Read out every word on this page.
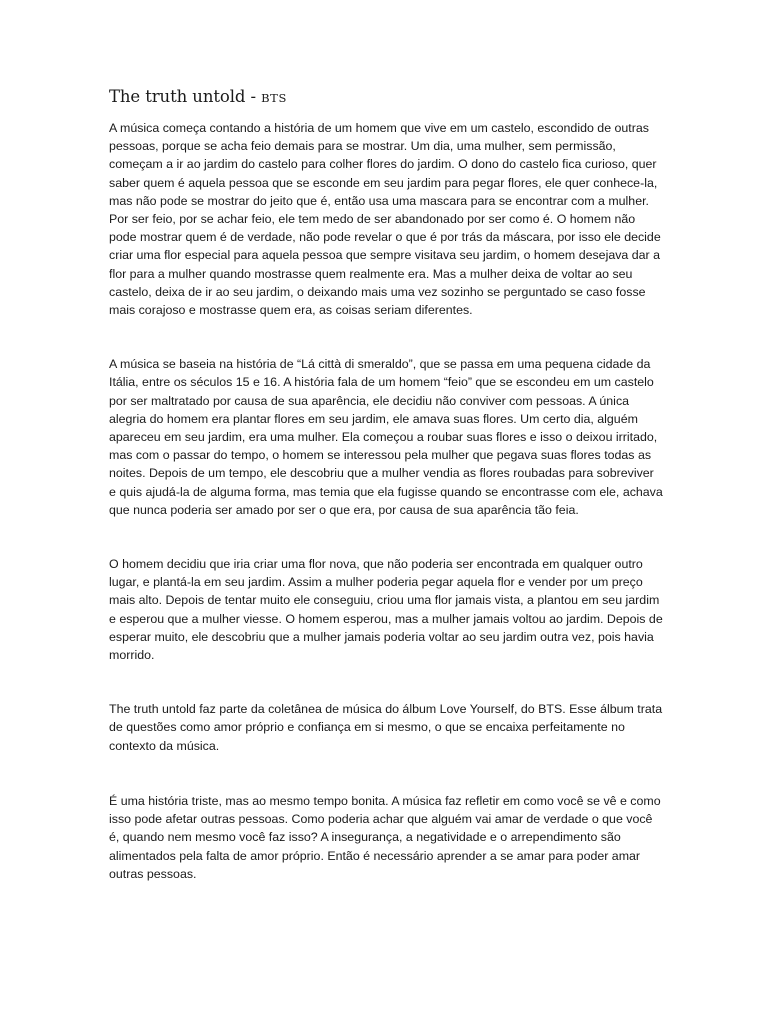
The truth untold - BTS

A música começa contando a história de um homem que vive em um castelo, escondido de outras pessoas, porque se acha feio demais para se mostrar. Um dia, uma mulher, sem permissão, começam a ir ao jardim do castelo para colher flores do jardim. O dono do castelo fica curioso, quer saber quem é aquela pessoa que se esconde em seu jardim para pegar flores, ele quer conhece-la, mas não pode se mostrar do jeito que é, então usa uma mascara para se encontrar com a mulher. Por ser feio, por se achar feio, ele tem medo de ser abandonado por ser como é. O homem não pode mostrar quem é de verdade, não pode revelar o que é por trás da máscara, por isso ele decide criar uma flor especial para aquela pessoa que sempre visitava seu jardim, o homem desejava dar a flor para a mulher quando mostrasse quem realmente era. Mas a mulher deixa de voltar ao seu castelo, deixa de ir ao seu jardim, o deixando mais uma vez sozinho se perguntado se caso fosse mais corajoso e mostrasse quem era, as coisas seriam diferentes.

A música se baseia na história de “Lá città di smeraldo”, que se passa em uma pequena cidade da Itália, entre os séculos 15 e 16. A história fala de um homem “feio” que se escondeu em um castelo por ser maltratado por causa de sua aparência, ele decidiu não conviver com pessoas. A única alegria do homem era plantar flores em seu jardim, ele amava suas flores. Um certo dia, alguém apareceu em seu jardim, era uma mulher. Ela começou a roubar suas flores e isso o deixou irritado, mas com o passar do tempo, o homem se interessou pela mulher que pegava suas flores todas as noites. Depois de um tempo, ele descobriu que a mulher vendia as flores roubadas para sobreviver e quis ajudá-la de alguma forma, mas temia que ela fugisse quando se encontrasse com ele, achava que nunca poderia ser amado por ser o que era, por causa de sua aparência tão feia.

O homem decidiu que iria criar uma flor nova, que não poderia ser encontrada em qualquer outro lugar, e plantá-la em seu jardim. Assim a mulher poderia pegar aquela flor e vender por um preço mais alto. Depois de tentar muito ele conseguiu, criou uma flor jamais vista, a plantou em seu jardim e esperou que a mulher viesse. O homem esperou, mas a mulher jamais voltou ao jardim. Depois de esperar muito, ele descobriu que a mulher jamais poderia voltar ao seu jardim outra vez, pois havia morrido.

The truth untold faz parte da coletânea de música do álbum Love Yourself, do BTS. Esse álbum trata de questões como amor próprio e confiança em si mesmo, o que se encaixa perfeitamente no contexto da música.

É uma história triste, mas ao mesmo tempo bonita. A música faz refletir em como você se vê e como isso pode afetar outras pessoas. Como poderia achar que alguém vai amar de verdade o que você é, quando nem mesmo você faz isso? A insegurança, a negatividade e o arrependimento são alimentados pela falta de amor próprio. Então é necessário aprender a se amar para poder amar outras pessoas.
